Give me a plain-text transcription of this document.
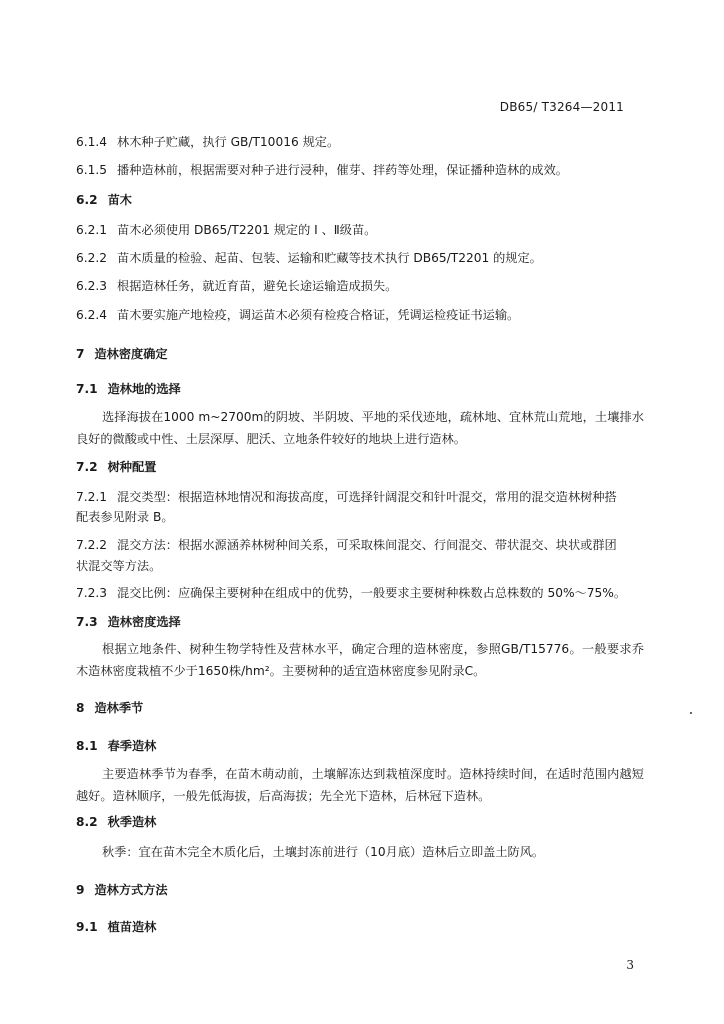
DB65/ T3264—2011
6.1.4 林木种子贮藏，执行 GB/T10016 规定。
6.1.5 播种造林前，根据需要对种子进行浸种，催芽、拌药等处理，保证播种造林的成效。
6.2 苗木
6.2.1 苗木必须使用 DB65/T2201 规定的 Ⅰ 、Ⅱ级苗。
6.2.2 苗木质量的检验、起苗、包装、运输和贮藏等技术执行 DB65/T2201 的规定。
6.2.3 根据造林任务，就近育苗，避免长途运输造成损失。
6.2.4 苗木要实施产地检疫，调运苗木必须有检疫合格证，凭调运检疫证书运输。
7 造林密度确定
7.1 造林地的选择
选择海拔在1000 m~2700m的阴坡、半阴坡、平地的采伐迹地，疏林地、宜林荒山荒地，土壤排水良好的微酸或中性、土层深厚、肥沃、立地条件较好的地块上进行造林。
7.2 树种配置
7.2.1 混交类型：根据造林地情况和海拔高度，可选择针阔混交和针叶混交，常用的混交造林树种搭
配表参见附录 B。
7.2.2 混交方法：根据水源涵养林树种间关系，可采取株间混交、行间混交、带状混交、块状或群团
状混交等方法。
7.2.3 混交比例：应确保主要树种在组成中的优势，一般要求主要树种株数占总株数的 50%～75%。
7.3 造林密度选择
根据立地条件、树种生物学特性及营林水平，确定合理的造林密度，参照GB/T15776。一般要求乔木造林密度栽植不少于1650株/hm²。主要树种的适宜造林密度参见附录C。
8 造林季节
8.1 春季造林
主要造林季节为春季，在苗木萌动前，土壤解冻达到栽植深度时。造林持续时间，在适时范围内越短越好。造林顺序，一般先低海拔，后高海拔；先全光下造林，后林冠下造林。
8.2 秋季造林
秋季：宜在苗木完全木质化后，土壤封冻前进行（10月底）造林后立即盖土防风。
9 造林方式方法
9.1 植苗造林
3
